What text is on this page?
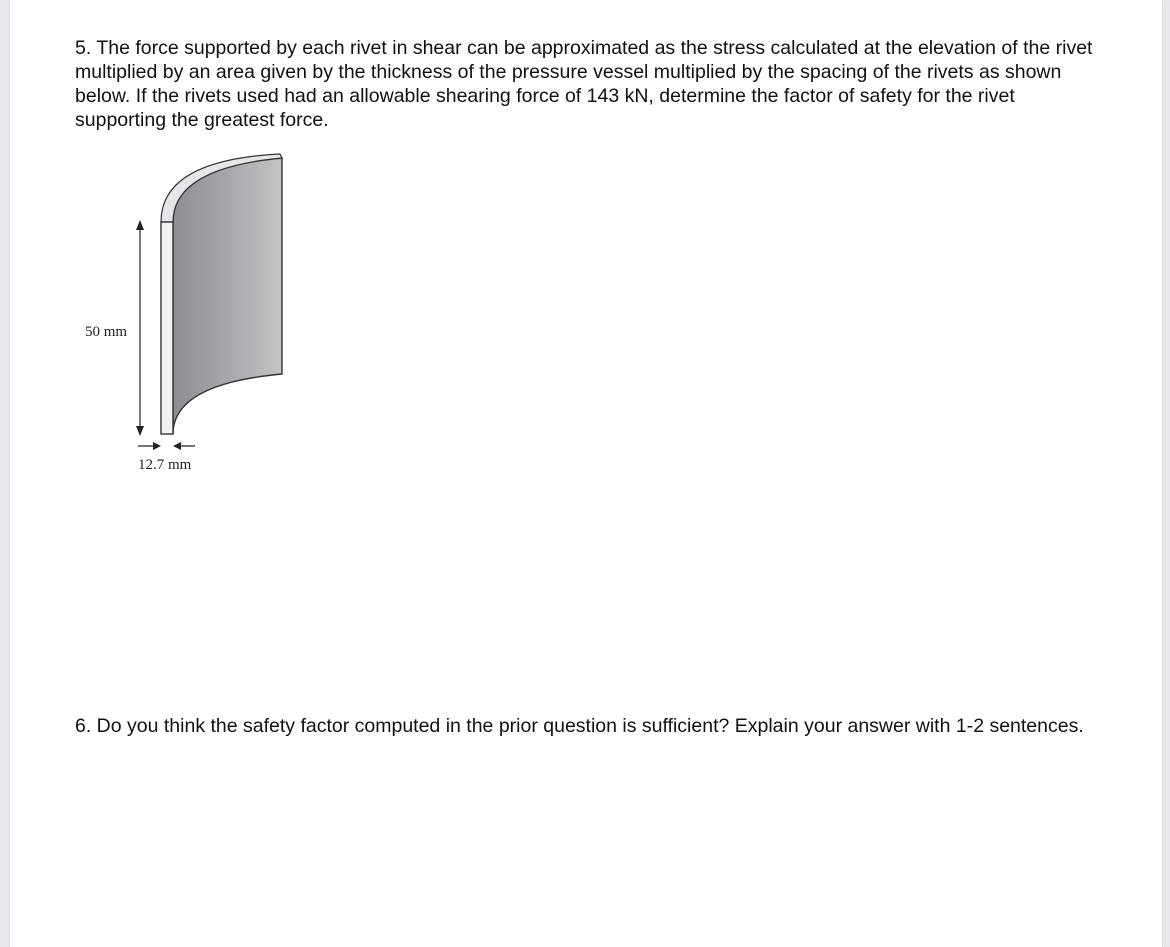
5. The force supported by each rivet in shear can be approximated as the stress calculated at the elevation of the rivet multiplied by an area given by the thickness of the pressure vessel multiplied by the spacing of the rivets as shown below. If the rivets used had an allowable shearing force of 143 kN, determine the factor of safety for the rivet supporting the greatest force.

50 mm
12.7 mm

6. Do you think the safety factor computed in the prior question is sufficient? Explain your answer with 1-2 sentences.
